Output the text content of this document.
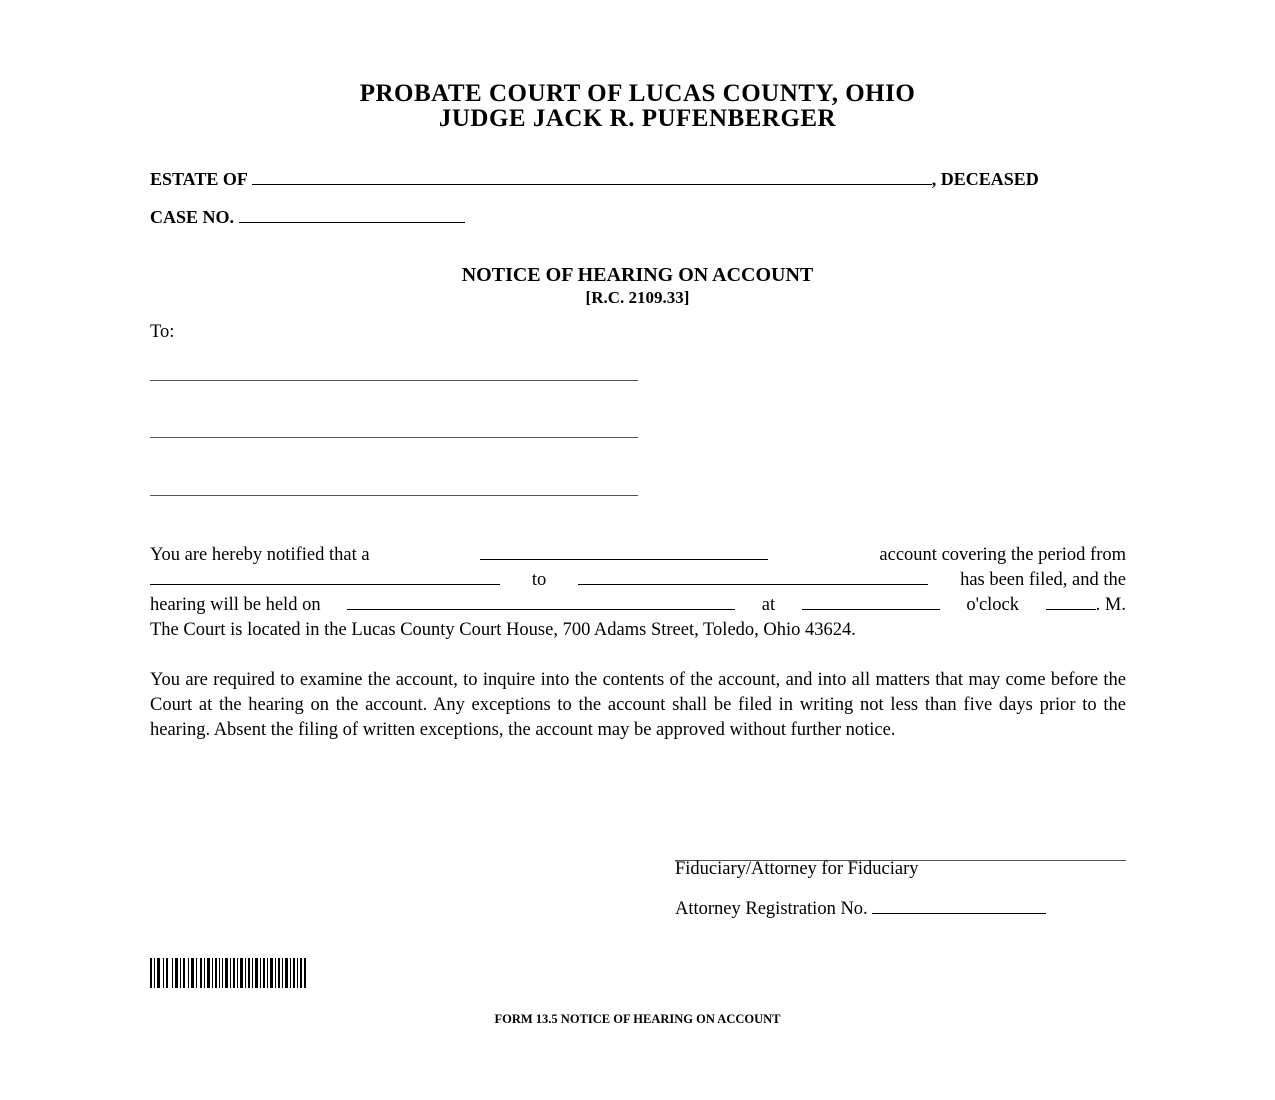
PROBATE COURT OF LUCAS COUNTY, OHIO
JUDGE JACK R. PUFENBERGER
ESTATE OF	, DECEASED
CASE NO.
NOTICE OF HEARING ON ACCOUNT
[R.C. 2109.33]
To:
You are hereby notified that a	account covering the period from
to	has been filed, and the
hearing will be held on	at	o'clock	. M.
The Court is located in the Lucas County Court House, 700 Adams Street, Toledo, Ohio 43624.
You are required to examine the account, to inquire into the contents of the account, and into all matters that may come before the Court at the hearing on the account. Any exceptions to the account shall be filed in writing not less than five days prior to the hearing. Absent the filing of written exceptions, the account may be approved without further notice.
Fiduciary/Attorney for Fiduciary
Attorney Registration No.
FORM 13.5 NOTICE OF HEARING ON ACCOUNT
